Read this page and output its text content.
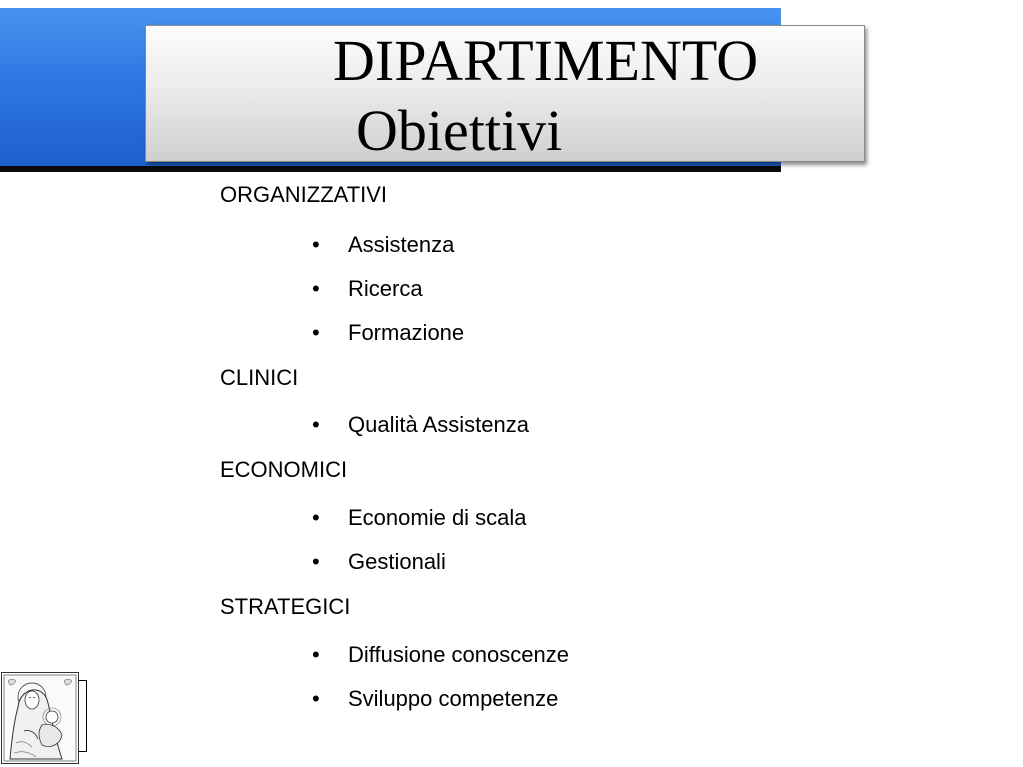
DIPARTIMENTO
Obiettivi
ORGANIZZATIVI
• Assistenza
• Ricerca
• Formazione
CLINICI
• Qualità Assistenza
ECONOMICI
• Economie di scala
• Gestionali
STRATEGICI
• Diffusione conoscenze
• Sviluppo competenze
